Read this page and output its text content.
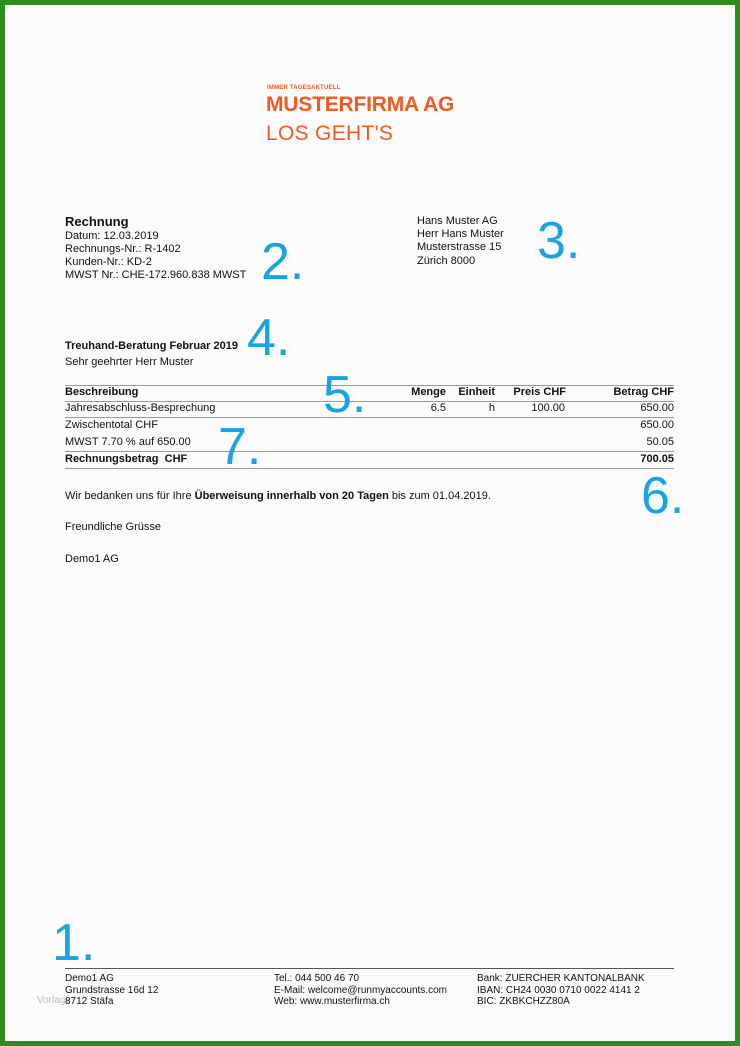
IMMER TAGESAKTUELL
MUSTERFIRMA AG
LOS GEHT'S
Rechnung
Datum: 12.03.2019
Rechnungs-Nr.: R-1402
Kunden-Nr.: KD-2
MWST Nr.: CHE-172.960.838 MWST
Hans Muster AG
Herr Hans Muster
Musterstrasse 15
Zürich 8000
Treuhand-Beratung Februar 2019
Sehr geehrter Herr Muster
Beschreibung	Menge	Einheit	Preis CHF	Betrag CHF
Jahresabschluss-Besprechung	6.5	h	100.00	650.00
Zwischentotal CHF	650.00
MWST 7.70 % auf 650.00	50.05
Rechnungsbetrag  CHF	700.05
Wir bedanken uns für Ihre Überweisung innerhalb von 20 Tagen bis zum 01.04.2019.
Freundliche Grüsse
Demo1 AG
1.
2.	3.
4.
5.
6.
7.
Vorlage
Demo1 AG
Grundstrasse 16d 12
8712 Stäfa
Tel.: 044 500 46 70
E-Mail: welcome@runmyaccounts.com
Web: www.musterfirma.ch
Bank: ZUERCHER KANTONALBANK
IBAN: CH24 0030 0710 0022 4141 2
BIC: ZKBKCHZZ80A
